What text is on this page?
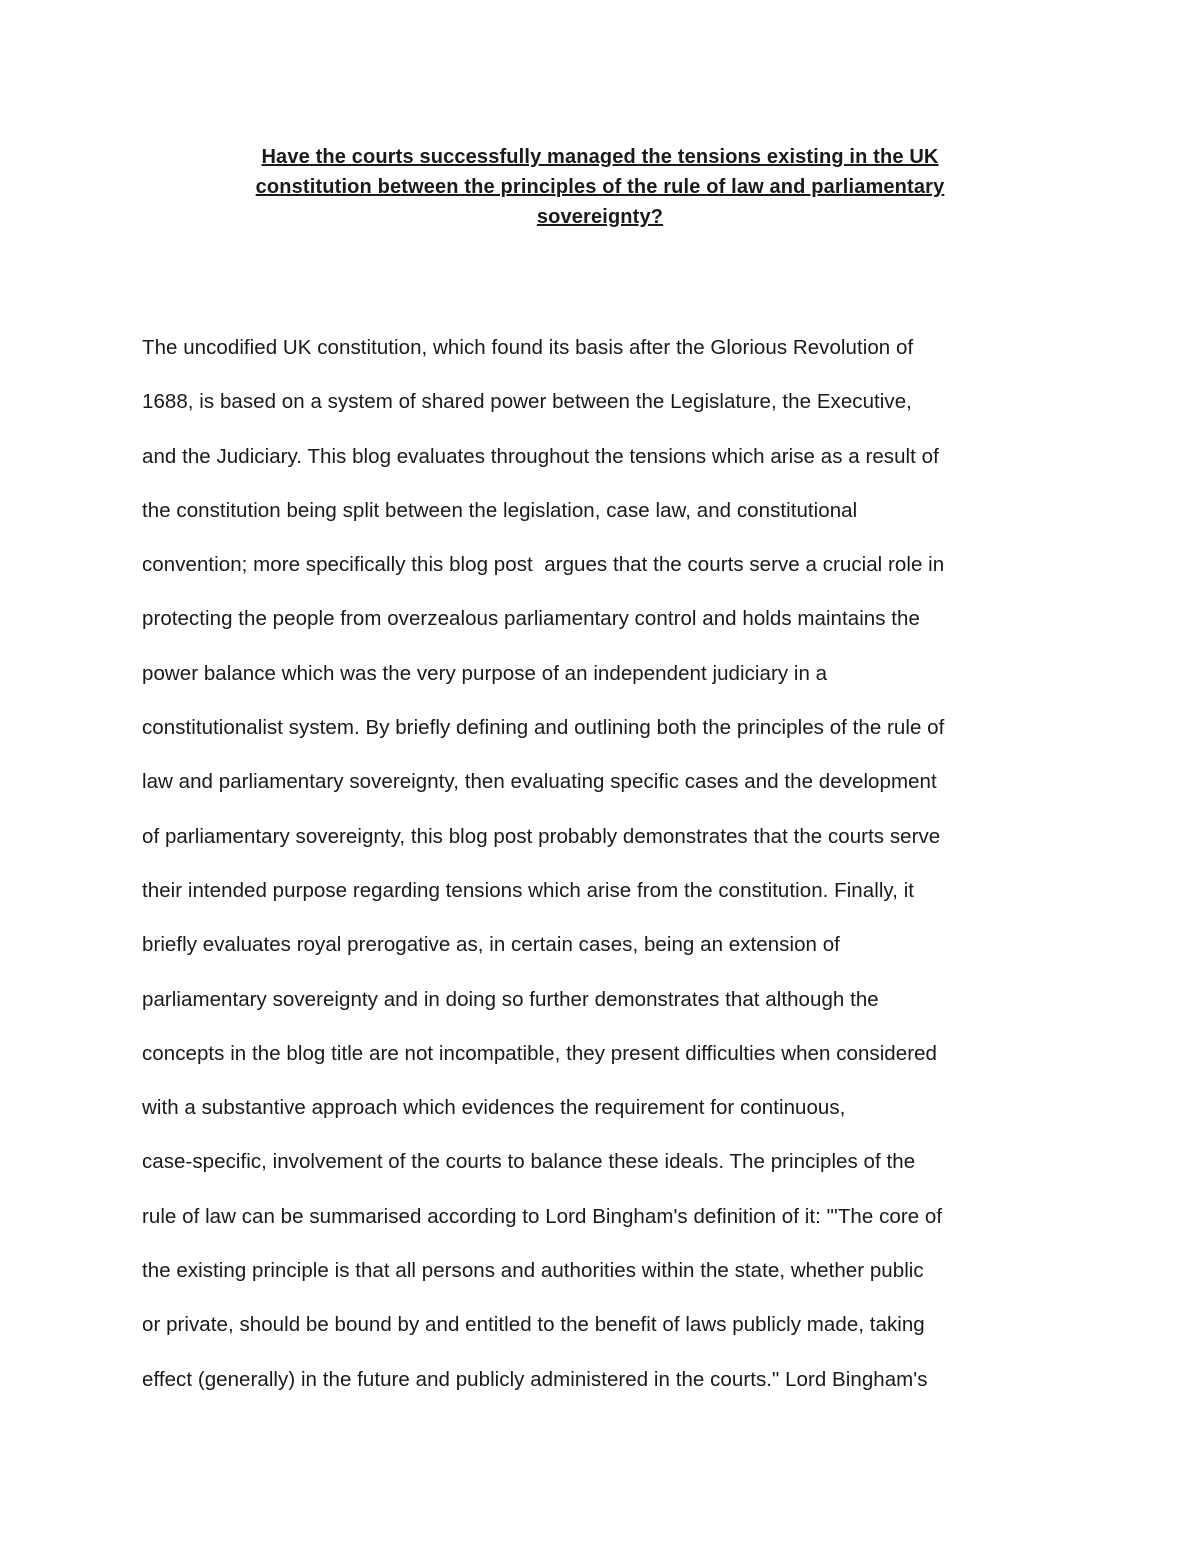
Have the courts successfully managed the tensions existing in the UK
constitution between the principles of the rule of law and parliamentary
sovereignty?
The uncodified UK constitution, which found its basis after the Glorious Revolution of
1688, is based on a system of shared power between the Legislature, the Executive,
and the Judiciary. This blog evaluates throughout the tensions which arise as a result of
the constitution being split between the legislation, case law, and constitutional
convention; more specifically this blog post  argues that the courts serve a crucial role in
protecting the people from overzealous parliamentary control and holds maintains the
power balance which was the very purpose of an independent judiciary in a
constitutionalist system. By briefly defining and outlining both the principles of the rule of
law and parliamentary sovereignty, then evaluating specific cases and the development
of parliamentary sovereignty, this blog post probably demonstrates that the courts serve
their intended purpose regarding tensions which arise from the constitution. Finally, it
briefly evaluates royal prerogative as, in certain cases, being an extension of
parliamentary sovereignty and in doing so further demonstrates that although the
concepts in the blog title are not incompatible, they present difficulties when considered
with a substantive approach which evidences the requirement for continuous,
case-specific, involvement of the courts to balance these ideals. The principles of the
rule of law can be summarised according to Lord Bingham's definition of it: "'The core of
the existing principle is that all persons and authorities within the state, whether public
or private, should be bound by and entitled to the benefit of laws publicly made, taking
effect (generally) in the future and publicly administered in the courts." Lord Bingham's
